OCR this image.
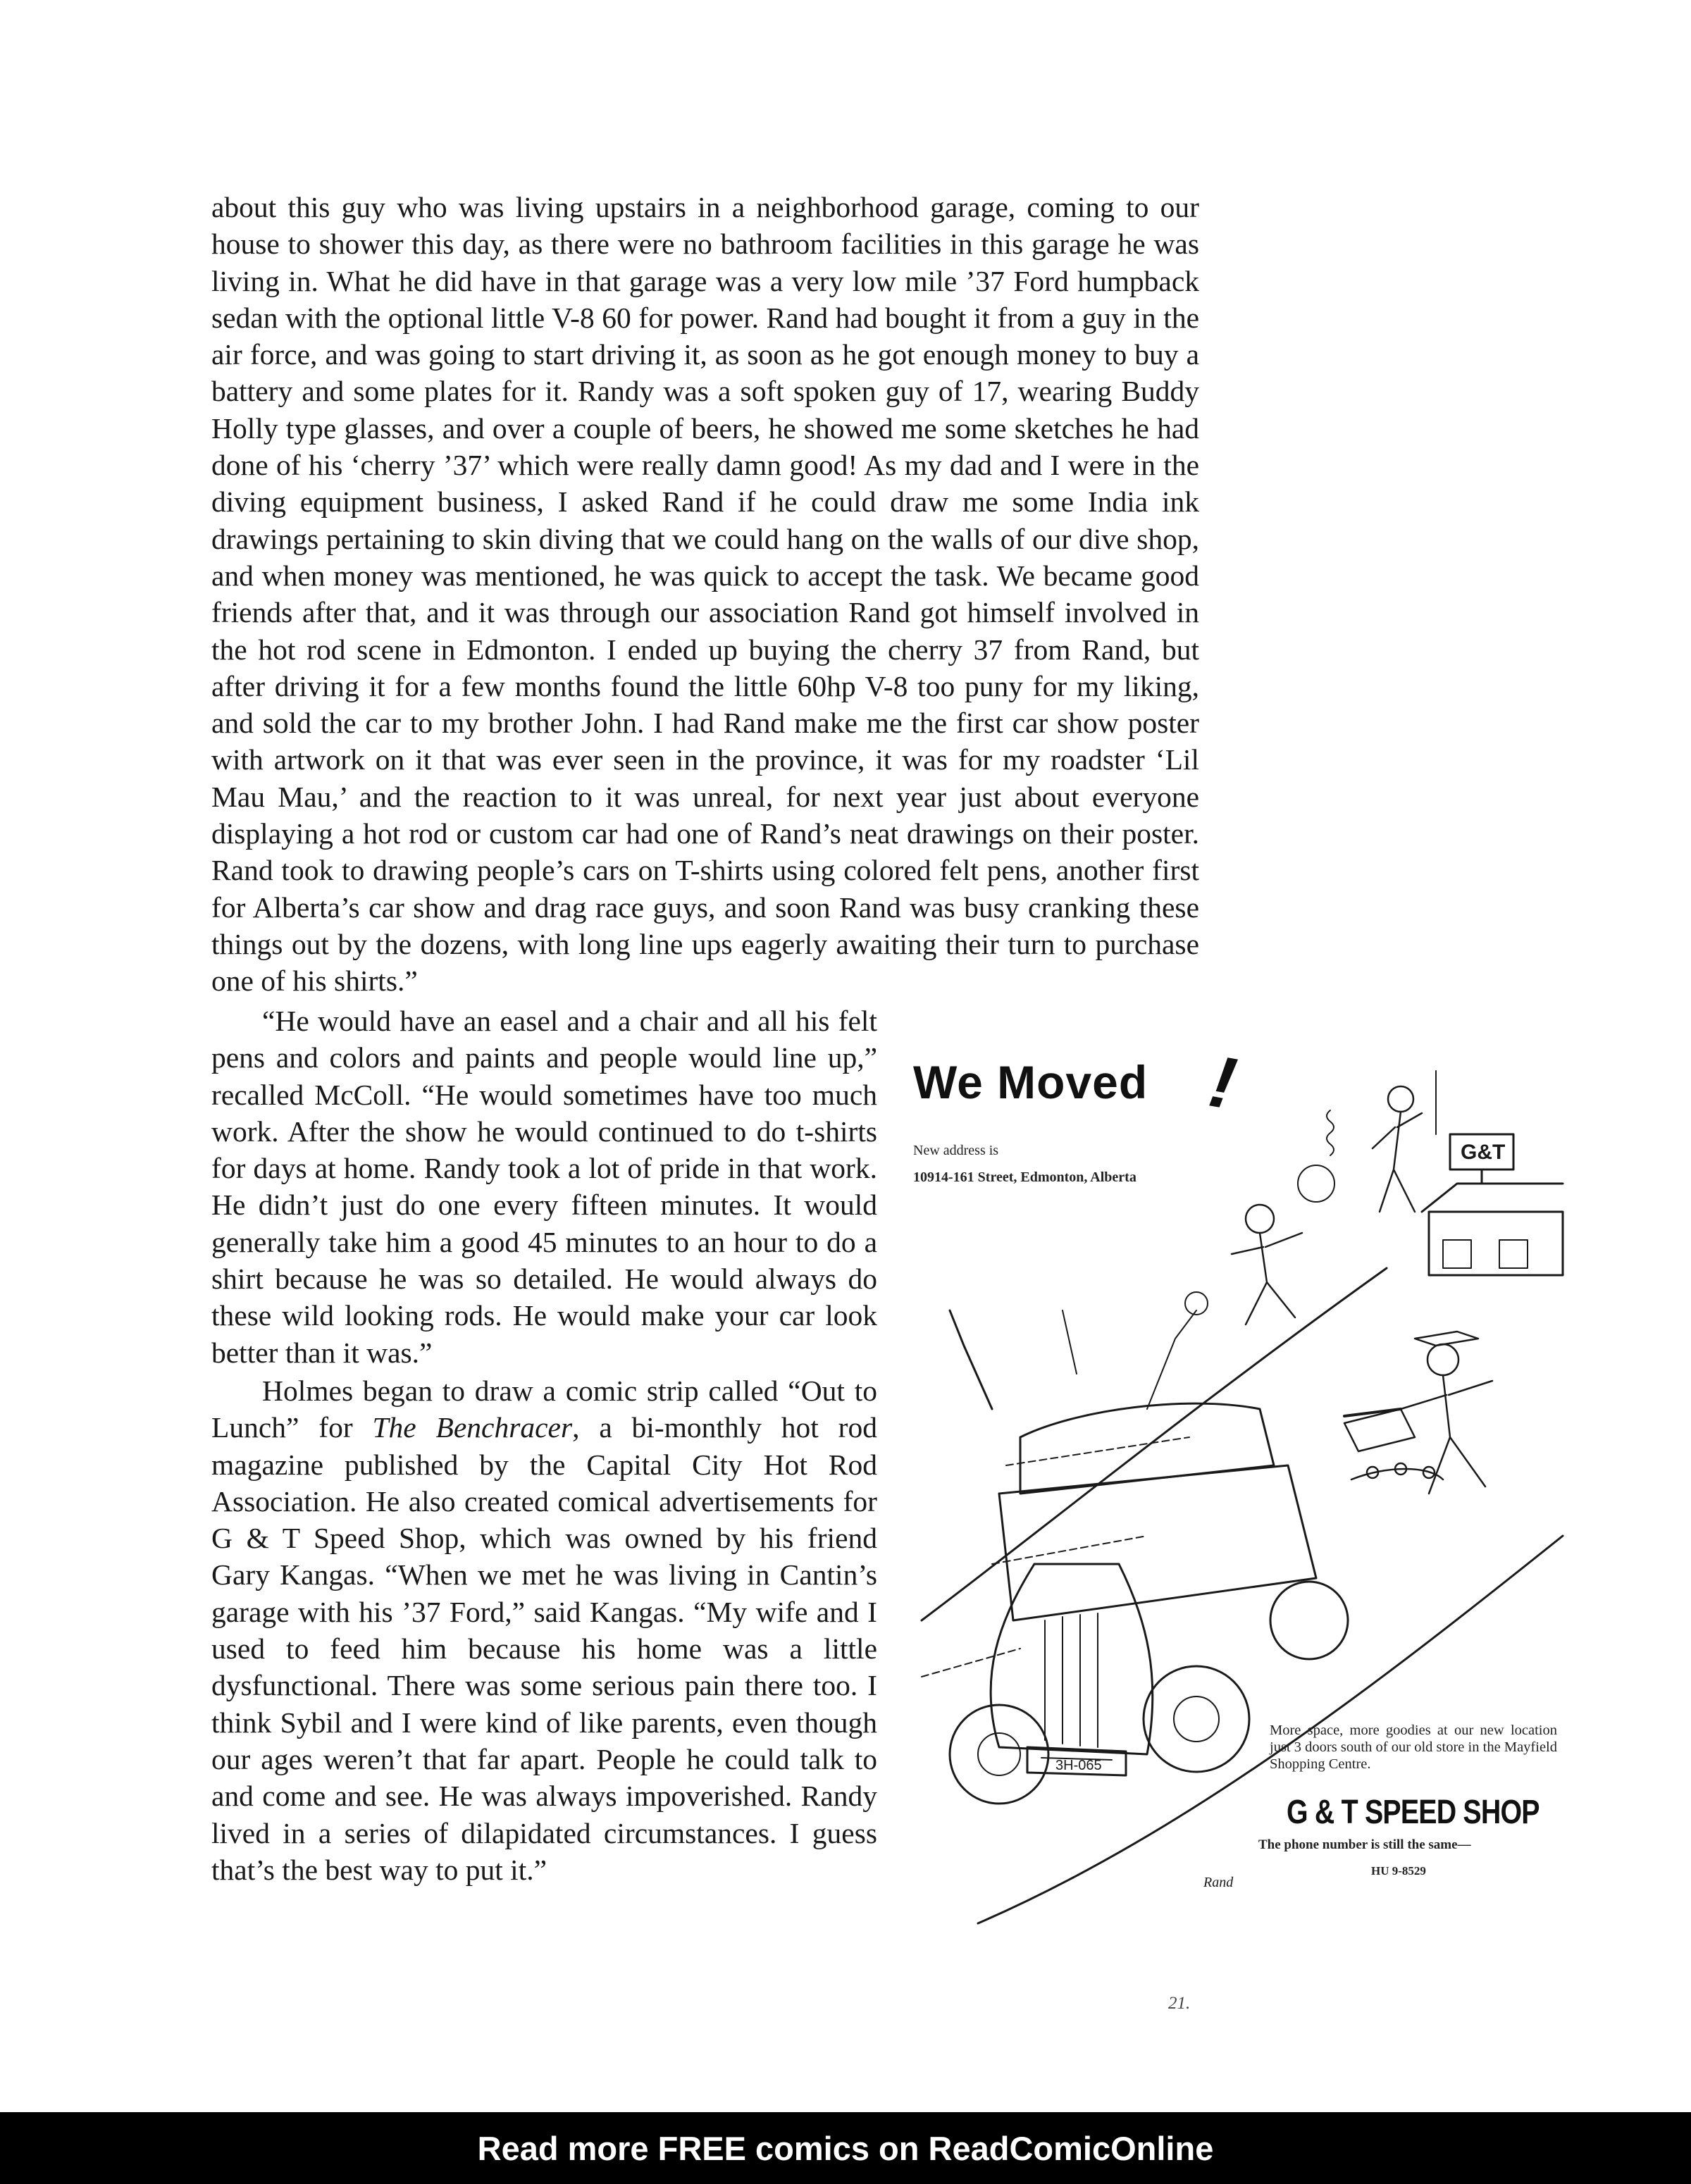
about this guy who was living upstairs in a neighborhood garage, coming to our house to shower this day, as there were no bathroom facilities in this garage he was living in. What he did have in that garage was a very low mile ’37 Ford humpback sedan with the optional little V-8 60 for power. Rand had bought it from a guy in the air force, and was going to start driving it, as soon as he got enough money to buy a battery and some plates for it. Randy was a soft spoken guy of 17, wearing Buddy Holly type glasses, and over a couple of beers, he showed me some sketches he had done of his ‘cherry ’37’ which were really damn good! As my dad and I were in the diving equipment business, I asked Rand if he could draw me some India ink drawings pertaining to skin diving that we could hang on the walls of our dive shop, and when money was mentioned, he was quick to accept the task. We became good friends after that, and it was through our association Rand got himself involved in the hot rod scene in Edmonton. I ended up buying the cherry 37 from Rand, but after driving it for a few months found the little 60hp V-8 too puny for my liking, and sold the car to my brother John. I had Rand make me the first car show poster with artwork on it that was ever seen in the province, it was for my roadster ‘Lil Mau Mau,’ and the reaction to it was unreal, for next year just about everyone displaying a hot rod or custom car had one of Rand’s neat drawings on their poster. Rand took to drawing people’s cars on T-shirts using colored felt pens, another first for Alberta’s car show and drag race guys, and soon Rand was busy cranking these things out by the dozens, with long line ups eagerly awaiting their turn to purchase one of his shirts.”

“He would have an easel and a chair and all his felt pens and colors and paints and people would line up,” recalled McColl. “He would sometimes have too much work. After the show he would continued to do t-shirts for days at home. Randy took a lot of pride in that work. He didn’t just do one every fifteen minutes. It would generally take him a good 45 minutes to an hour to do a shirt because he was so detailed. He would always do these wild looking rods. He would make your car look better than it was.”

Holmes began to draw a comic strip called “Out to Lunch” for The Benchracer, a bi-monthly hot rod magazine published by the Capital City Hot Rod Association. He also created comical advertisements for G & T Speed Shop, which was owned by his friend Gary Kangas. “When we met he was living in Cantin’s garage with his ’37 Ford,” said Kangas. “My wife and I used to feed him because his home was a little dysfunctional. There was some serious pain there too. I think Sybil and I were kind of like parents, even though our ages weren’t that far apart. People he could talk to and come and see. He was always impoverished. Randy lived in a series of dilapidated circumstances. I guess that’s the best way to put it.”

G&T
3H-065
Rand
We Moved !
New address is
10914-161 Street, Edmonton, Alberta
More space, more goodies at our new location just 3 doors south of our old store in the Mayfield Shopping Centre.
G & T SPEED SHOP
The phone number is still the same—
HU 9-8529
21.
Read more FREE comics on ReadComicOnline
